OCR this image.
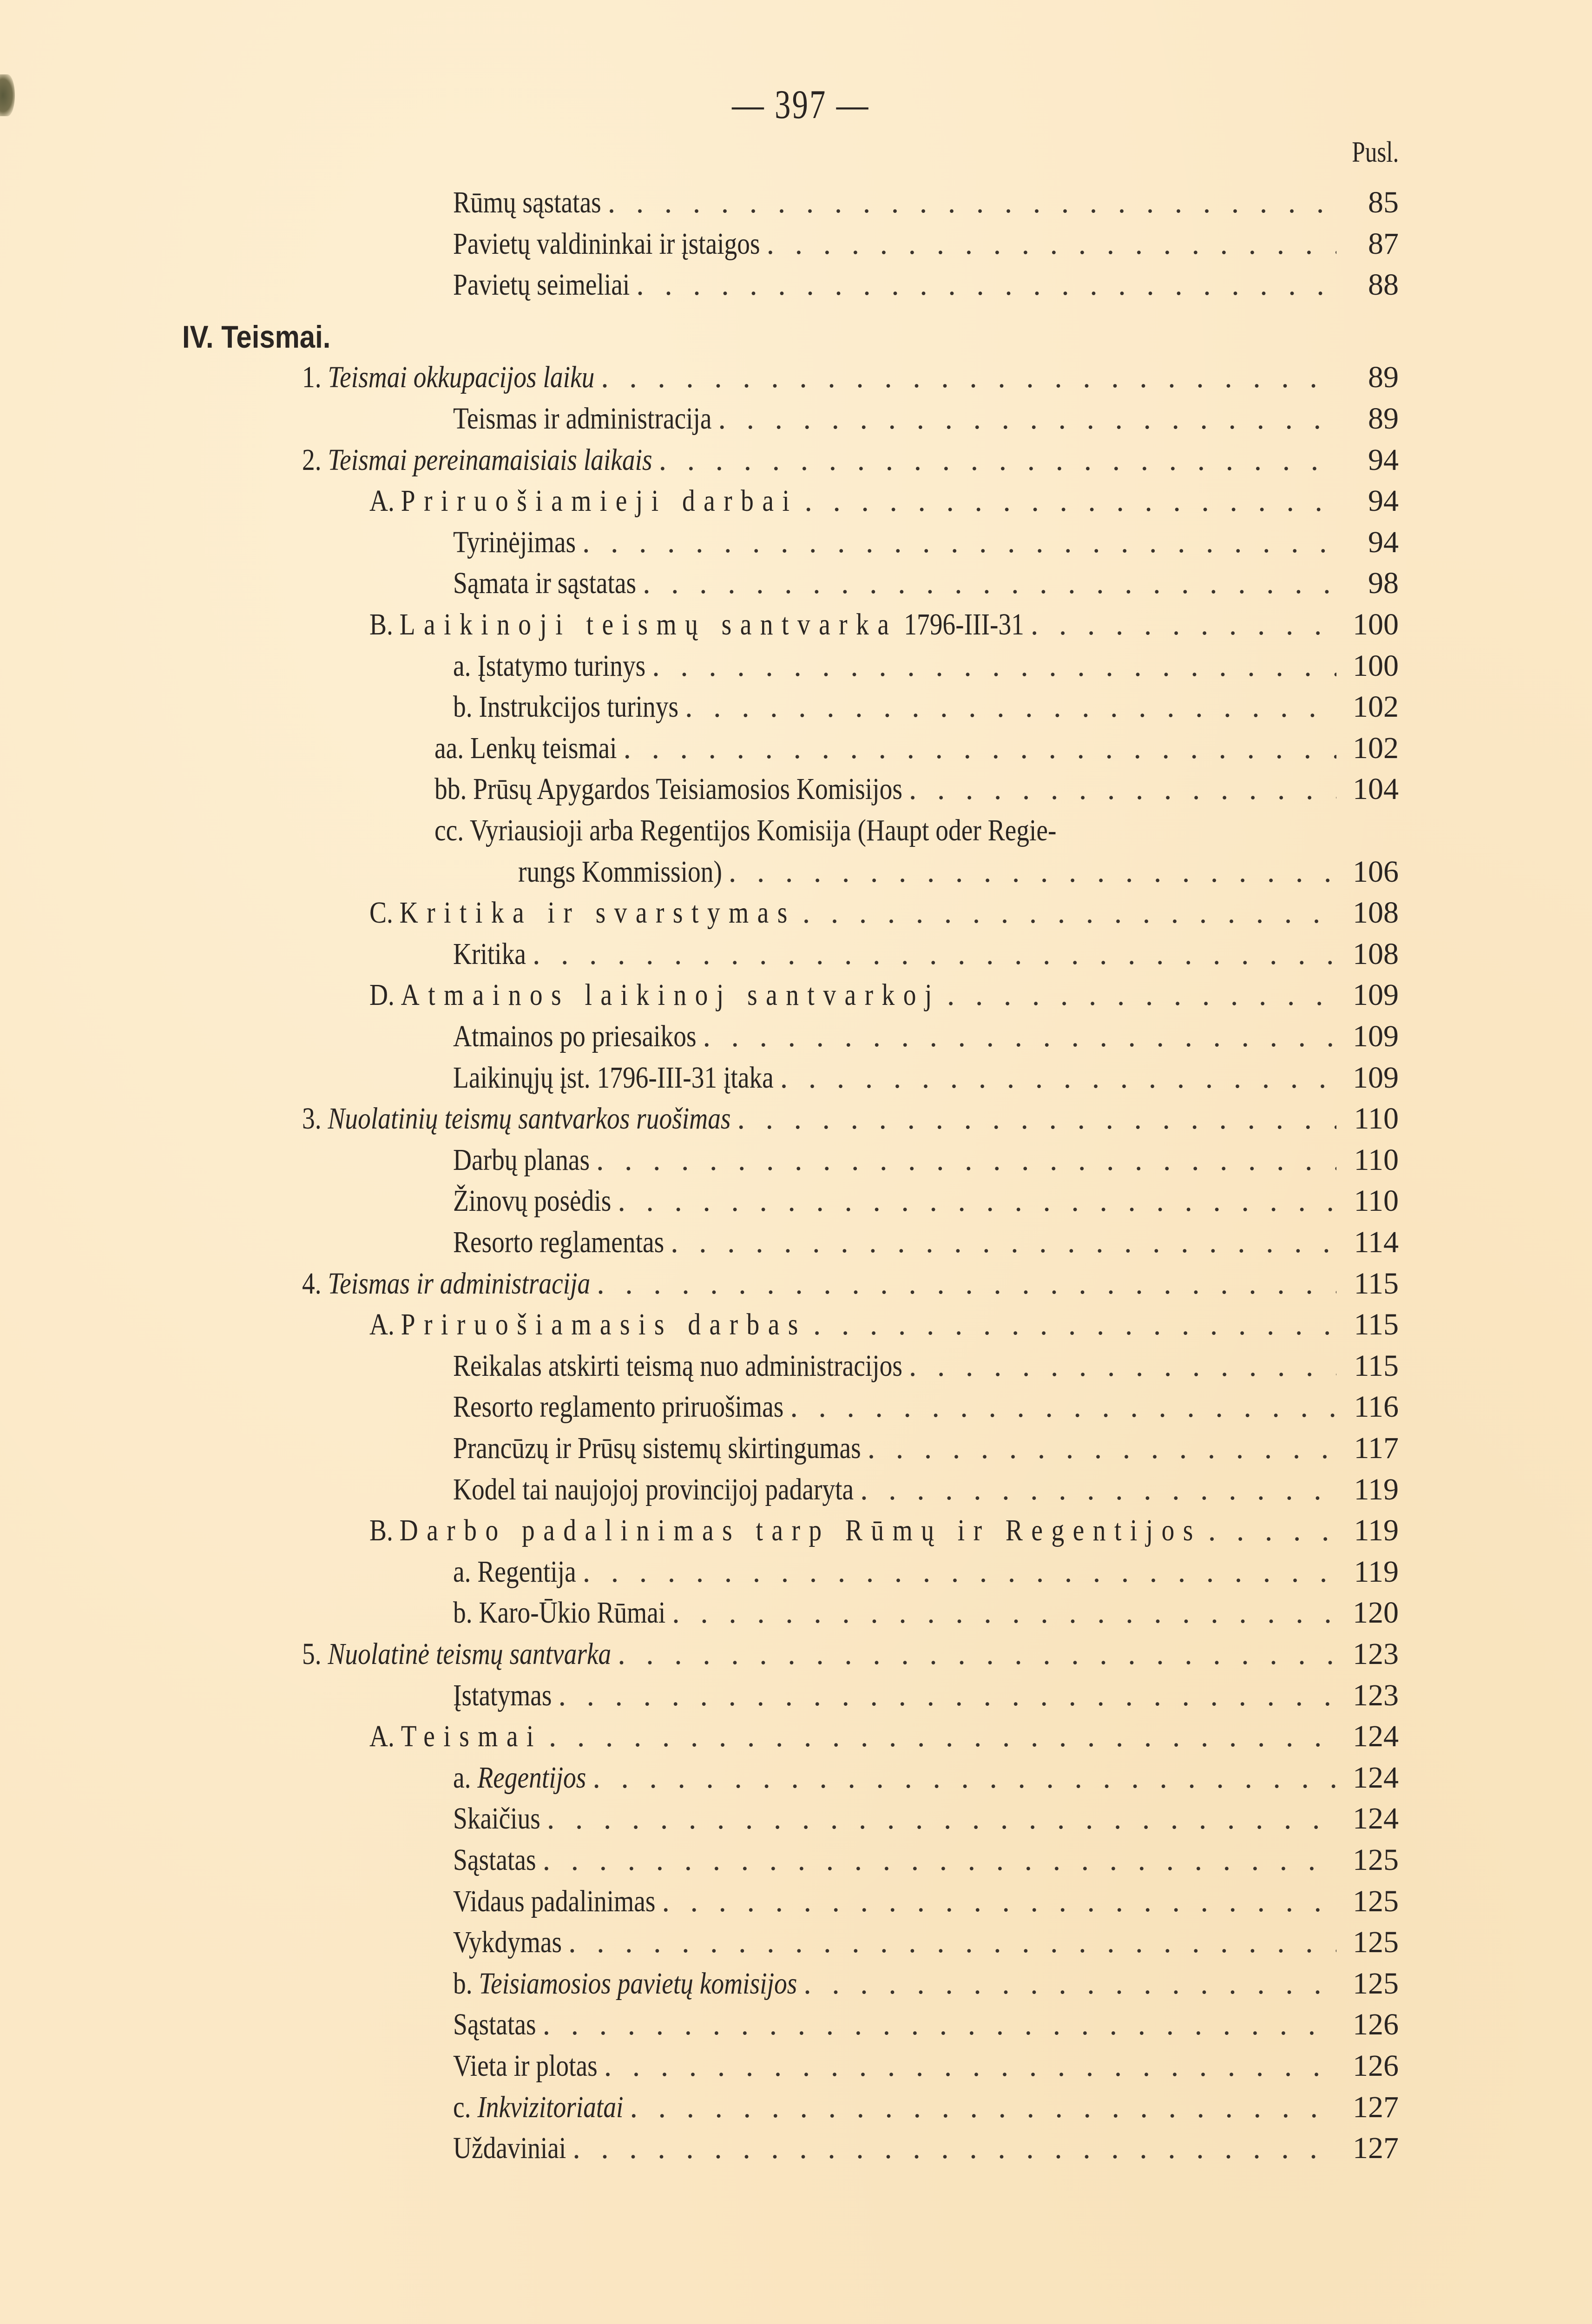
— 397 —
Pusl.
Rūmų sąstatas . . .	85
Pavietų valdininkai ir įstaigos . . .	87
Pavietų seimeliai . . .	88
IV. Teismai.
1. Teismai okkupacijos laiku . . .	89
Teismas ir administracija . . .	89
2. Teismai pereinamaisiais laikais . . .	94
A. Priruošiamieji darbai . . .	94
Tyrinėjimas . . .	94
Sąmata ir sąstatas . . .	98
B. Laikinoji teismų santvarka 1796-III-31 . . .	100
a. Įstatymo turinys . . .	100
b. Instrukcijos turinys . . .	102
aa. Lenkų teismai . . .	102
bb. Prūsų Apygardos Teisiamosios Komisijos . . .	104
cc. Vyriausioji arba Regentijos Komisija (Haupt oder Regie-
rungs Kommission) . . .	106
C. Kritika ir svarstymas . . .	108
Kritika . . .	108
D. Atmainos laikinoj santvarkoj . . .	109
Atmainos po priesaikos . . .	109
Laikinųjų įst. 1796-III-31 įtaka . . .	109
3. Nuolatinių teismų santvarkos ruošimas . . .	110
Darbų planas . . .	110
Žinovų posėdis . . .	110
Resorto reglamentas . . .	114
4. Teismas ir administracija . . .	115
A. Priruošiamasis darbas . . .	115
Reikalas atskirti teismą nuo administracijos . . .	115
Resorto reglamento priruošimas . . .	116
Prancūzų ir Prūsų sistemų skirtingumas . . .	117
Kodel tai naujojoj provincijoj padaryta . . .	119
B. Darbo padalinimas tarp Rūmų ir Regentijos . . .	119
a. Regentija . . .	119
b. Karo-Ūkio Rūmai . . .	120
5. Nuolatinė teismų santvarka . . .	123
Įstatymas . . .	123
A. Teismai . . .	124
a. Regentijos . . .	124
Skaičius . . .	124
Sąstatas . . .	125
Vidaus padalinimas . . .	125
Vykdymas . . .	125
b. Teisiamosios pavietų komisijos . . .	125
Sąstatas . . .	126
Vieta ir plotas . . .	126
c. Inkvizitoriatai . . .	127
Uždaviniai . . .	127
